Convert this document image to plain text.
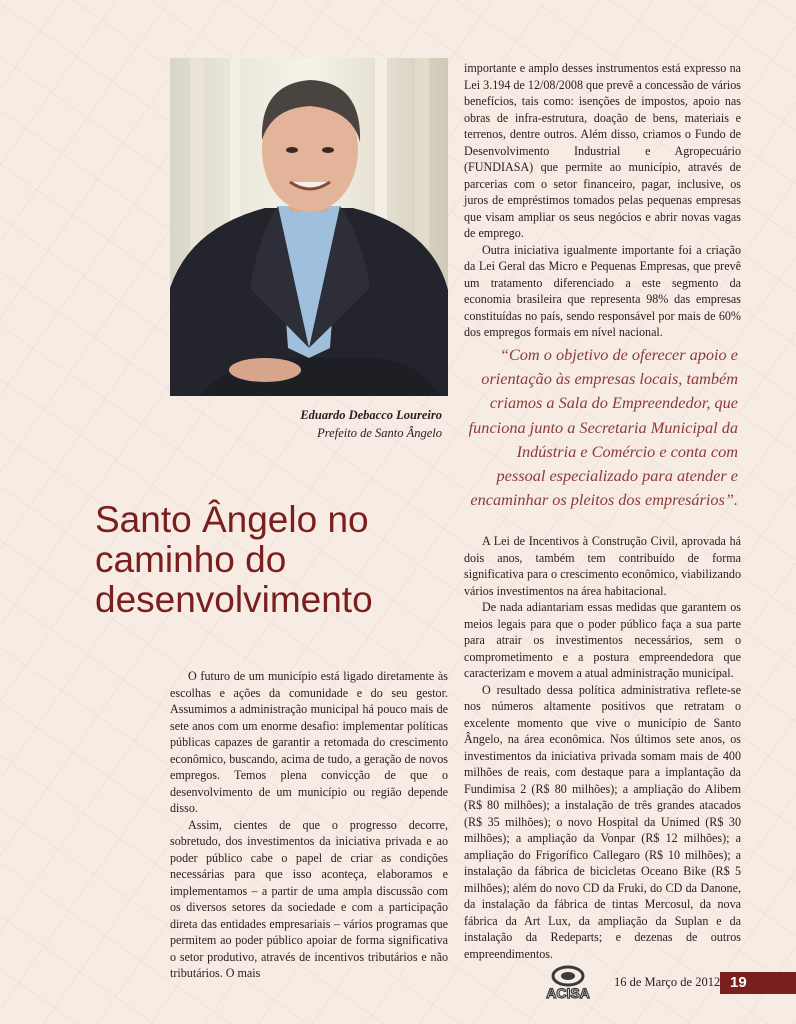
Eduardo Debacco Loureiro
Prefeito de Santo Ângelo
Santo Ângelo no
caminho do
desenvolvimento

O futuro de um município está ligado diretamente às escolhas e ações da comunidade e do seu gestor. Assumimos a administração municipal há pouco mais de sete anos com um enorme desafio: implementar políticas públicas capazes de garantir a retomada do crescimento econômico, buscando, acima de tudo, a geração de novos empregos. Temos plena convicção de que o desenvolvimento de um município ou região depende disso.

Assim, cientes de que o progresso decorre, sobretudo, dos investimentos da iniciativa privada e ao poder público cabe o papel de criar as condições necessárias para que isso aconteça, elaboramos e implementamos – a partir de uma ampla discussão com os diversos setores da sociedade e com a participação direta das entidades empresariais – vários programas que permitem ao poder público apoiar de forma significativa o setor produtivo, através de incentivos tributários e não tributários. O mais

importante e amplo desses instrumentos está expresso na Lei 3.194 de 12/08/2008 que prevê a concessão de vários benefícios, tais como: isenções de impostos, apoio nas obras de infra-estrutura, doação de bens, materiais e terrenos, dentre outros. Além disso, criamos o Fundo de Desenvolvimento Industrial e Agropecuário (FUNDIASA) que permite ao município, através de parcerias com o setor financeiro, pagar, inclusive, os juros de empréstimos tomados pelas pequenas empresas que visam ampliar os seus negócios e abrir novas vagas de emprego.

Outra iniciativa igualmente importante foi a criação da Lei Geral das Micro e Pequenas Empresas, que prevê um tratamento diferenciado a este segmento da economia brasileira que representa 98% das empresas constituídas no país, sendo responsável por mais de 60% dos empregos formais em nível nacional.

“Com o objetivo de oferecer apoio e orientação às empresas locais, também criamos a Sala do Empreendedor, que funciona junto a Secretaria Municipal da Indústria e Comércio e conta com pessoal especializado para atender e encaminhar os pleitos dos empresários”.

A Lei de Incentivos à Construção Civil, aprovada há dois anos, também tem contribuído de forma significativa para o crescimento econômico, viabilizando vários investimentos na área habitacional.

De nada adiantariam essas medidas que garantem os meios legais para que o poder público faça a sua parte para atrair os investimentos necessários, sem o comprometimento e a postura empreendedora que caracterizam e movem a atual administração municipal.

O resultado dessa política administrativa reflete-se nos números altamente positivos que retratam o excelente momento que vive o município de Santo Ângelo, na área econômica. Nos últimos sete anos, os investimentos da iniciativa privada somam mais de 400 milhões de reais, com destaque para a implantação da Fundimisa 2 (R$ 80 milhões); a ampliação do Alibem (R$ 80 milhões); a instalação de três grandes atacados (R$ 35 milhões); o novo Hospital da Unimed (R$ 30 milhões); a ampliação da Vonpar (R$ 12 milhões); a ampliação do Frigorífico Callegaro (R$ 10 milhões); a instalação da fábrica de bicicletas Oceano Bike (R$ 5 milhões); além do novo CD da Fruki, do CD da Danone, da instalação da fábrica de tintas Mercosul, da nova fábrica da Art Lux, da ampliação da Suplan e da instalação da Redeparts; e dezenas de outros empreendimentos.

ACISA
16 de Março de 2012 19
